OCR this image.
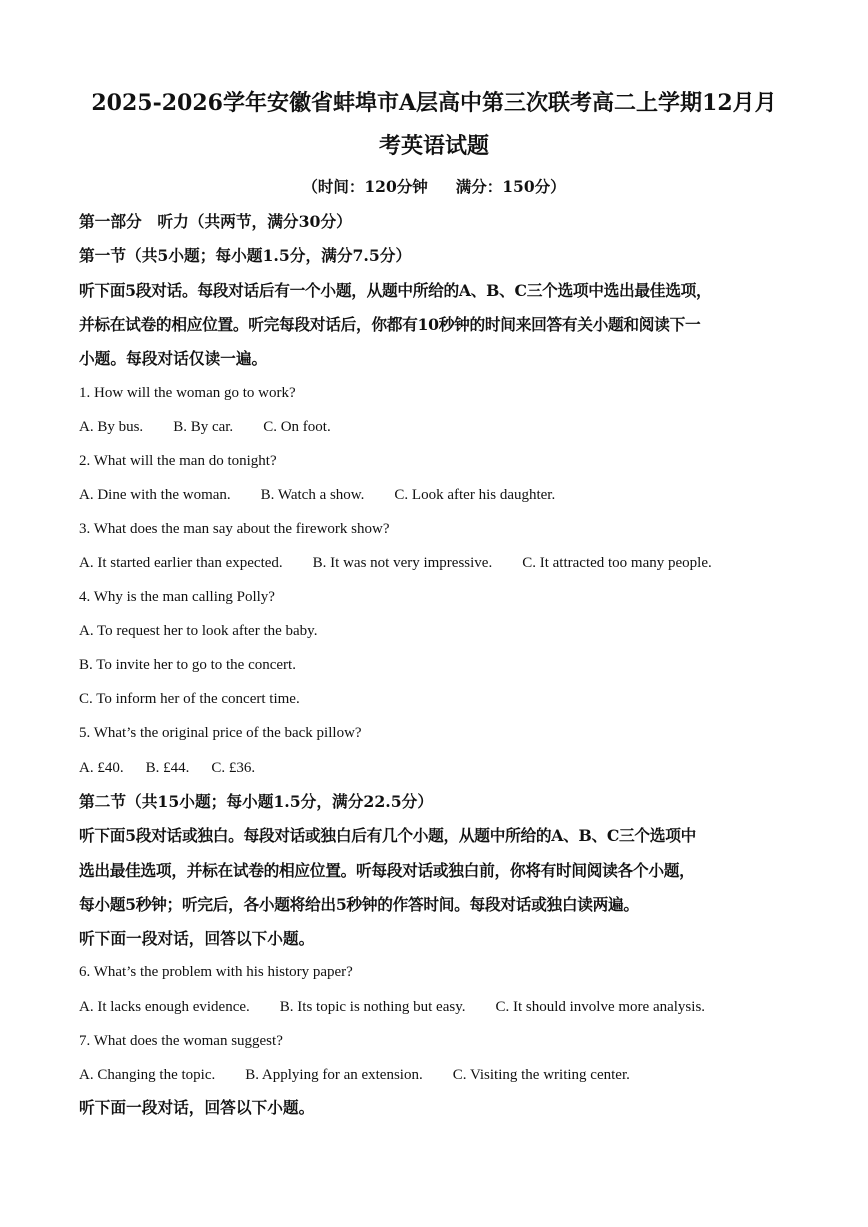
2025-2026学年安徽省蚌埠市A层高中第三次联考高二上学期12月月
考英语试题
（时间：120分钟 满分：150分）
第一部分　听力（共两节，满分30分）
第一节（共5小题；每小题1.5分，满分7.5分）
听下面5段对话。每段对话后有一个小题，从题中所给的A、B、C三个选项中选出最佳选项，
并标在试卷的相应位置。听完每段对话后，你都有10秒钟的时间来回答有关小题和阅读下一
小题。每段对话仅读一遍。
1. How will the woman go to work?
A. By bus. B. By car. C. On foot.
2. What will the man do tonight?
A. Dine with the woman. B. Watch a show. C. Look after his daughter.
3. What does the man say about the firework show?
A. It started earlier than expected. B. It was not very impressive. C. It attracted too many people.
4. Why is the man calling Polly?
A. To request her to look after the baby.
B. To invite her to go to the concert.
C. To inform her of the concert time.
5. What’s the original price of the back pillow?
A. £40. B. £44. C. £36.
第二节（共15小题；每小题1.5分，满分22.5分）
听下面5段对话或独白。每段对话或独白后有几个小题，从题中所给的A、B、C三个选项中
选出最佳选项，并标在试卷的相应位置。听每段对话或独白前，你将有时间阅读各个小题，
每小题5秒钟；听完后，各小题将给出5秒钟的作答时间。每段对话或独白读两遍。
听下面一段对话，回答以下小题。
6. What’s the problem with his history paper?
A. It lacks enough evidence. B. Its topic is nothing but easy. C. It should involve more analysis.
7. What does the woman suggest?
A. Changing the topic. B. Applying for an extension. C. Visiting the writing center.
听下面一段对话，回答以下小题。
